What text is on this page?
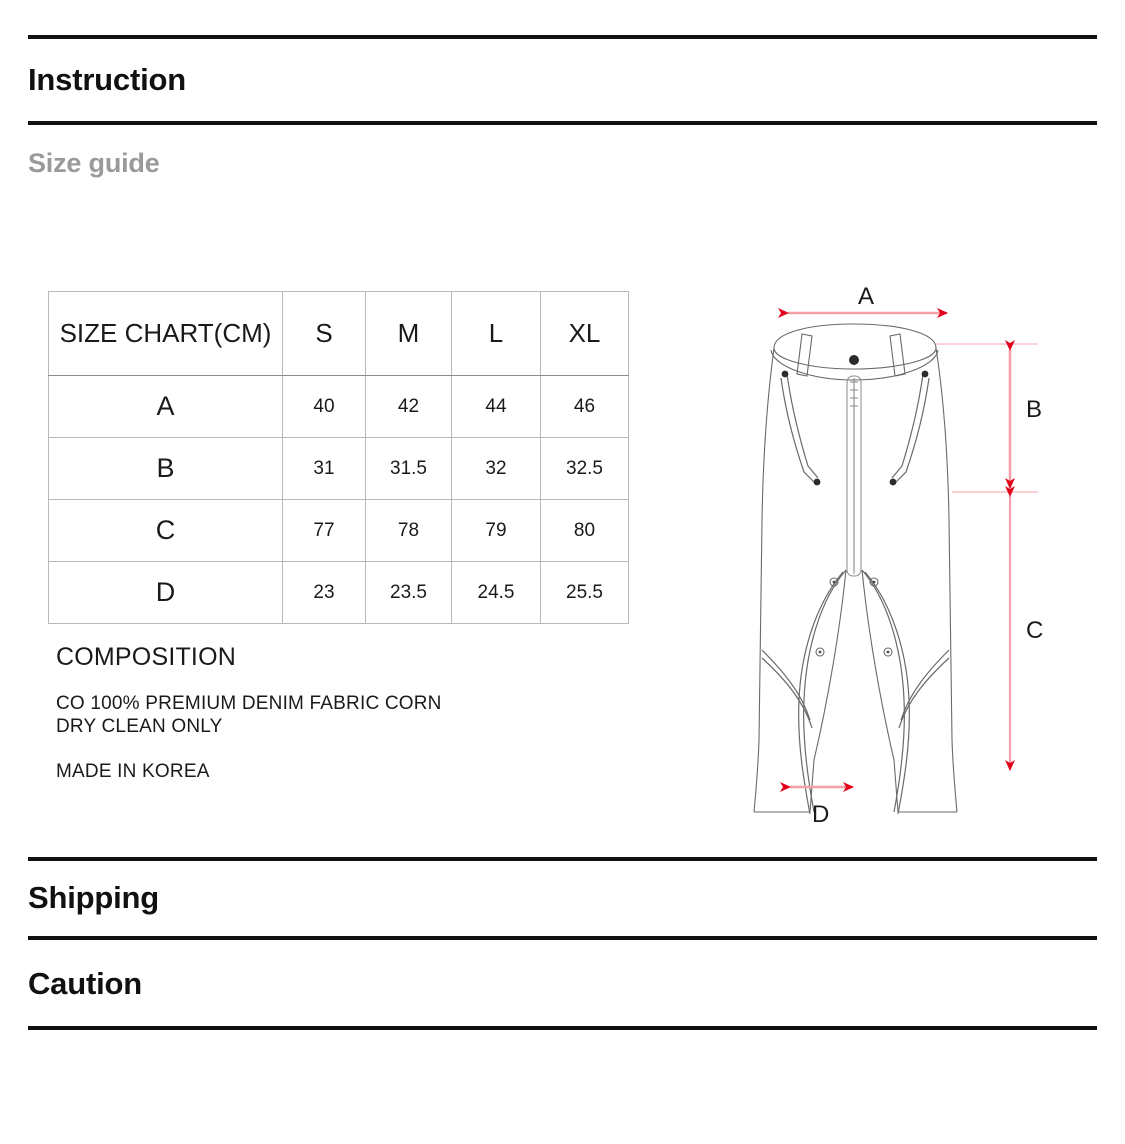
Instruction
Size guide
SIZE CHART(CM)	S	M	L	XL
A	40	42	44	46
B	31	31.5	32	32.5
C	77	78	79	80
D	23	23.5	24.5	25.5
COMPOSITION
CO 100% PREMIUM DENIM FABRIC CORN
DRY CLEAN ONLY
MADE IN KOREA
A
B
C
D
Shipping
Caution
